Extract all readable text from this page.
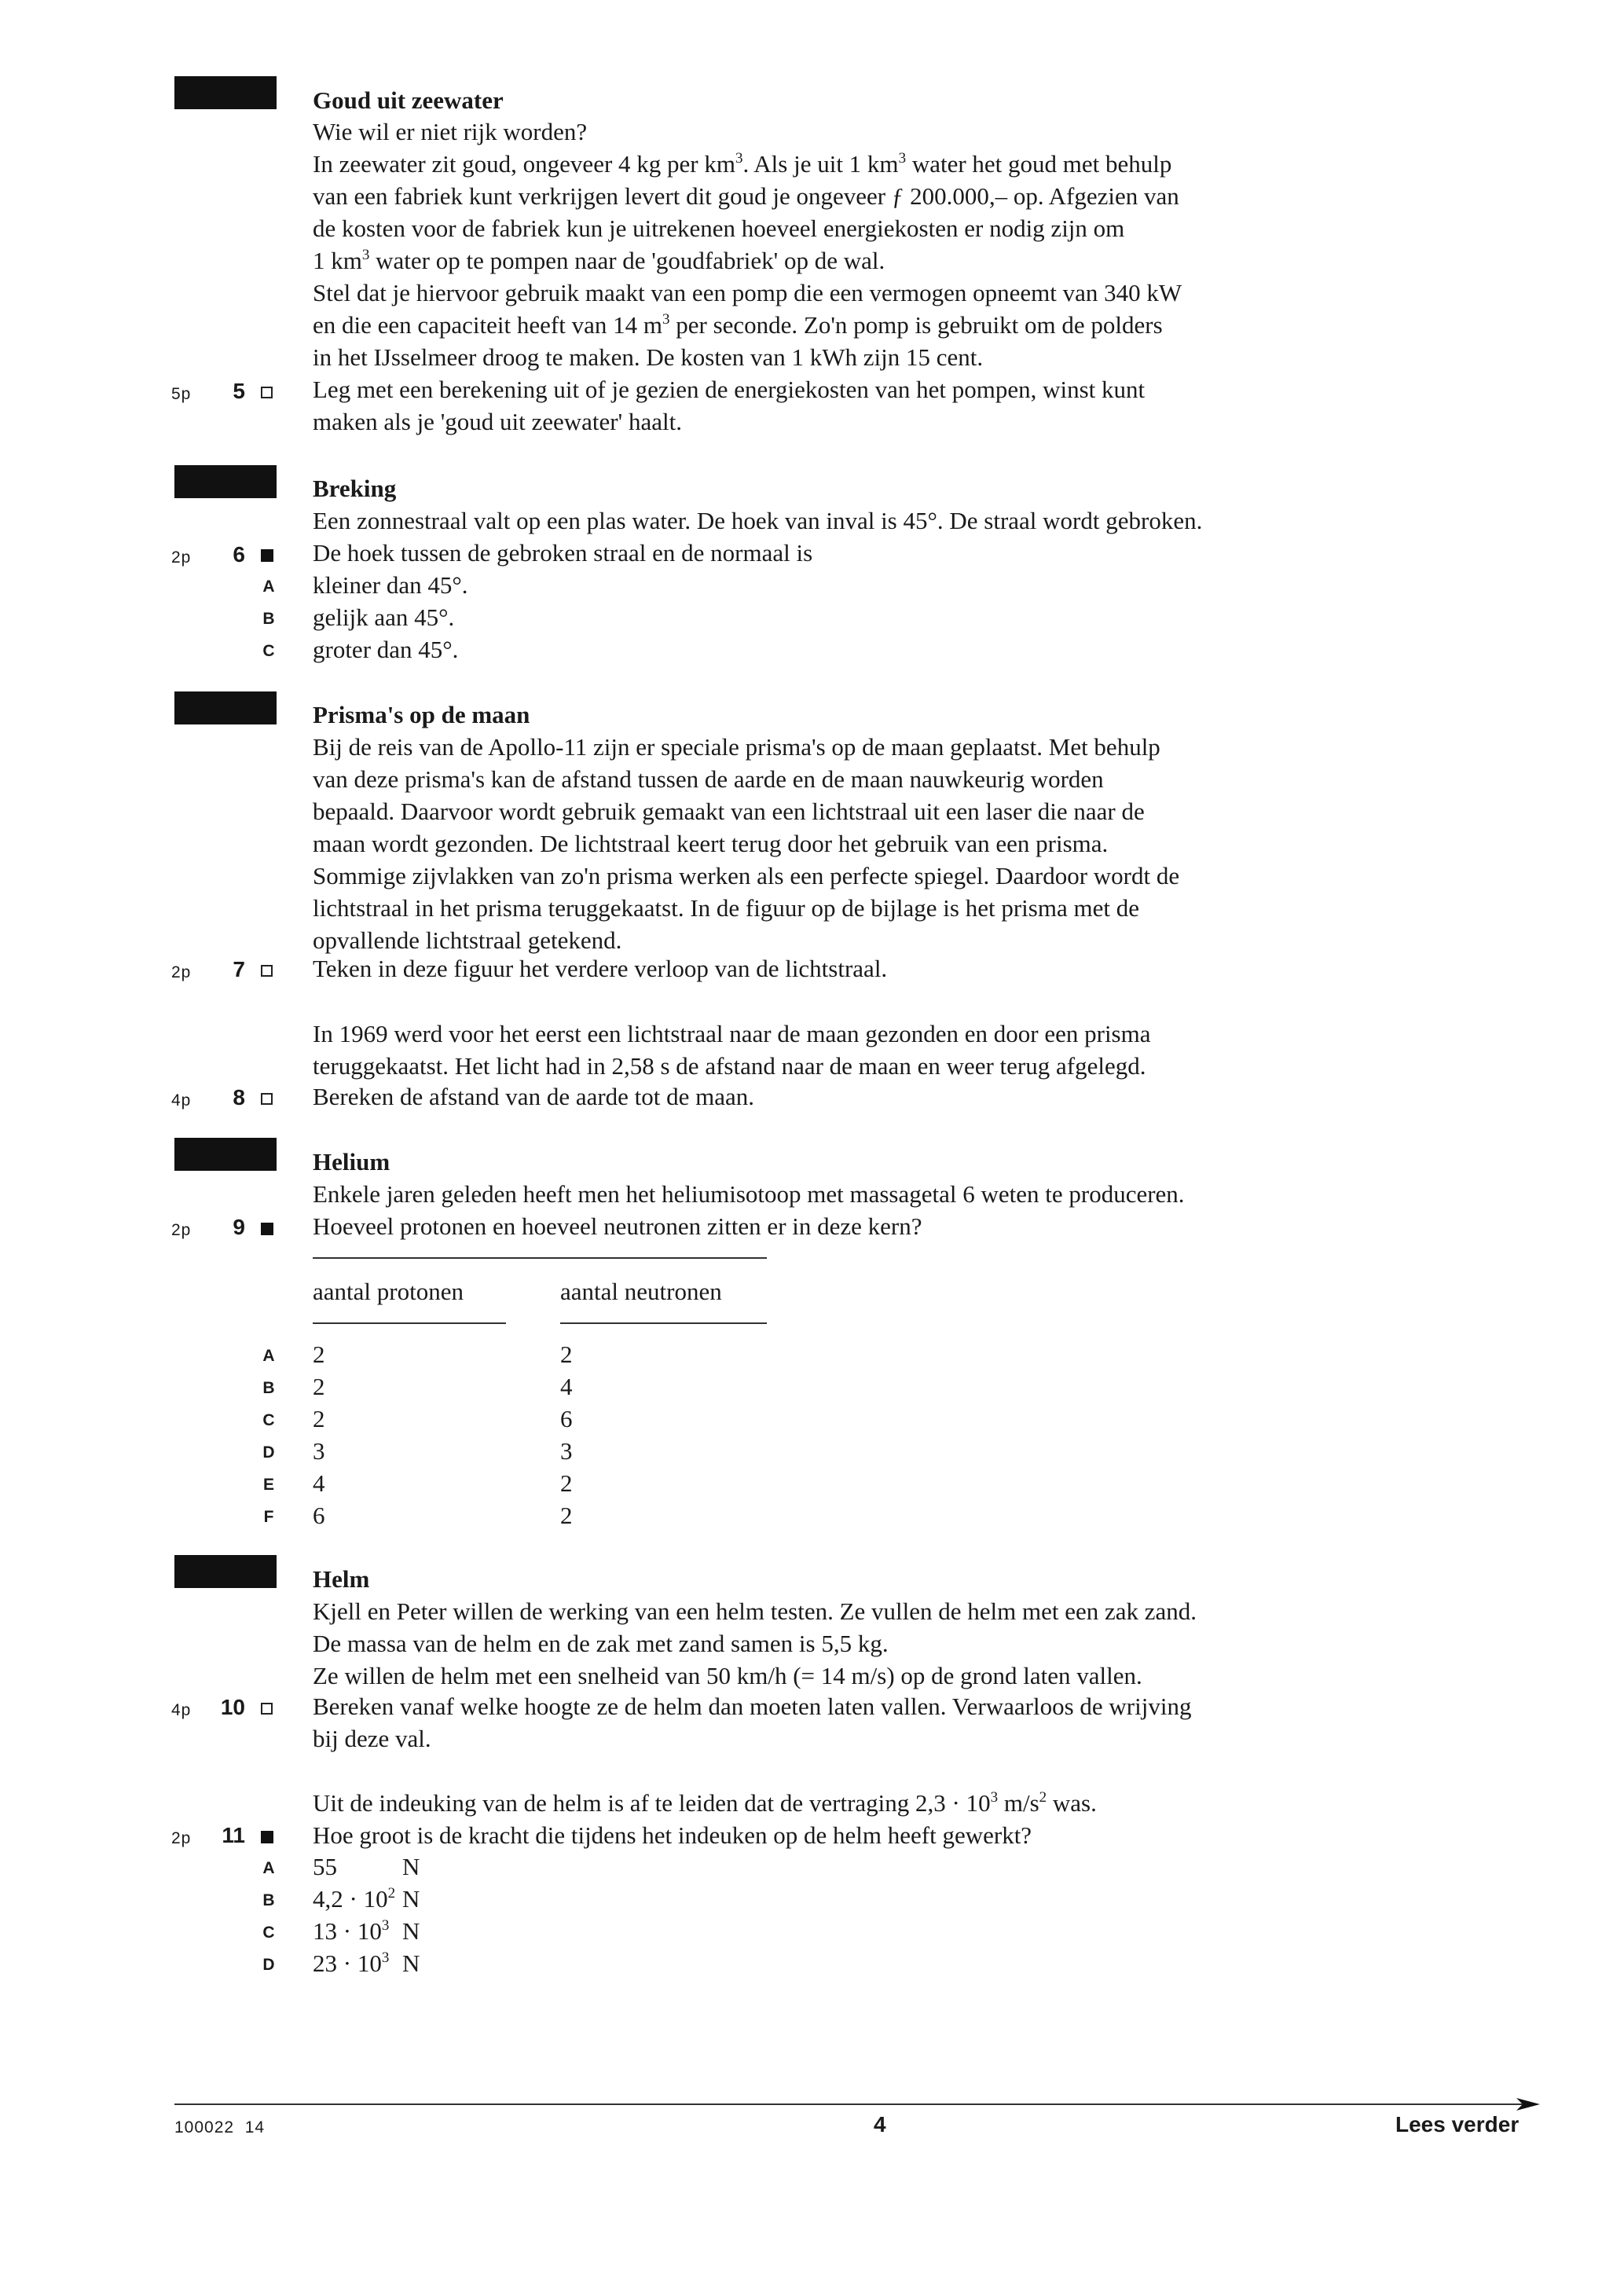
Goud uit zeewater
Wie wil er niet rijk worden?
In zeewater zit goud, ongeveer 4 kg per $km^3$. Als je uit 1 $km^3$ water het goud met behulp
van een fabriek kunt verkrijgen levert dit goud je ongeveer ƒ 200.000,– op. Afgezien van
de kosten voor de fabriek kun je uitrekenen hoeveel energiekosten er nodig zijn om
1 $km^3$ water op te pompen naar de 'goudfabriek' op de wal.
Stel dat je hiervoor gebruik maakt van een pomp die een vermogen opneemt van 340 kW
en die een capaciteit heeft van 14 $m^3$ per seconde. Zo'n pomp is gebruikt om de polders
in het IJsselmeer droog te maken. De kosten van 1 kWh zijn 15 cent.
5p	5	Leg met een berekening uit of je gezien de energiekosten van het pompen, winst kunt
maken als je 'goud uit zeewater' haalt.
Breking
Een zonnestraal valt op een plas water. De hoek van inval is 45°. De straal wordt gebroken.
2p	6	De hoek tussen de gebroken straal en de normaal is
A kleiner dan 45°.
B gelijk aan 45°.
C groter dan 45°.
Prisma's op de maan
Bij de reis van de Apollo-11 zijn er speciale prisma's op de maan geplaatst. Met behulp
van deze prisma's kan de afstand tussen de aarde en de maan nauwkeurig worden
bepaald. Daarvoor wordt gebruik gemaakt van een lichtstraal uit een laser die naar de
maan wordt gezonden. De lichtstraal keert terug door het gebruik van een prisma.
Sommige zijvlakken van zo'n prisma werken als een perfecte spiegel. Daardoor wordt de
lichtstraal in het prisma teruggekaatst. In de figuur op de bijlage is het prisma met de
opvallende lichtstraal getekend.
2p	7	Teken in deze figuur het verdere verloop van de lichtstraal.
In 1969 werd voor het eerst een lichtstraal naar de maan gezonden en door een prisma
teruggekaatst. Het licht had in 2,58 s de afstand naar de maan en weer terug afgelegd.
4p	8	Bereken de afstand van de aarde tot de maan.
Helium
Enkele jaren geleden heeft men het heliumisotoop met massagetal 6 weten te produceren.
2p	9	Hoeveel protonen en hoeveel neutronen zitten er in deze kern?
aantal protonen	aantal neutronen
A 2	2
B 2	4
C 2	6
D 3	3
E 4	2
F 6	2
Helm
Kjell en Peter willen de werking van een helm testen. Ze vullen de helm met een zak zand.
De massa van de helm en de zak met zand samen is 5,5 kg.
Ze willen de helm met een snelheid van 50 km/h (= 14 m/s) op de grond laten vallen.
4p	10	Bereken vanaf welke hoogte ze de helm dan moeten laten vallen. Verwaarloos de wrijving
bij deze val.
Uit de indeuking van de helm is af te leiden dat de vertraging $2,3 \cdot 10^3$ $m/s^2$ was.
2p	11	Hoe groot is de kracht die tijdens het indeuken op de helm heeft gewerkt?
A 55	N
B $4,2 \cdot 10^2$ N
C $13 \cdot 10^3$ N
D $23 \cdot 10^3$ N
100022  14	4	Lees verder
